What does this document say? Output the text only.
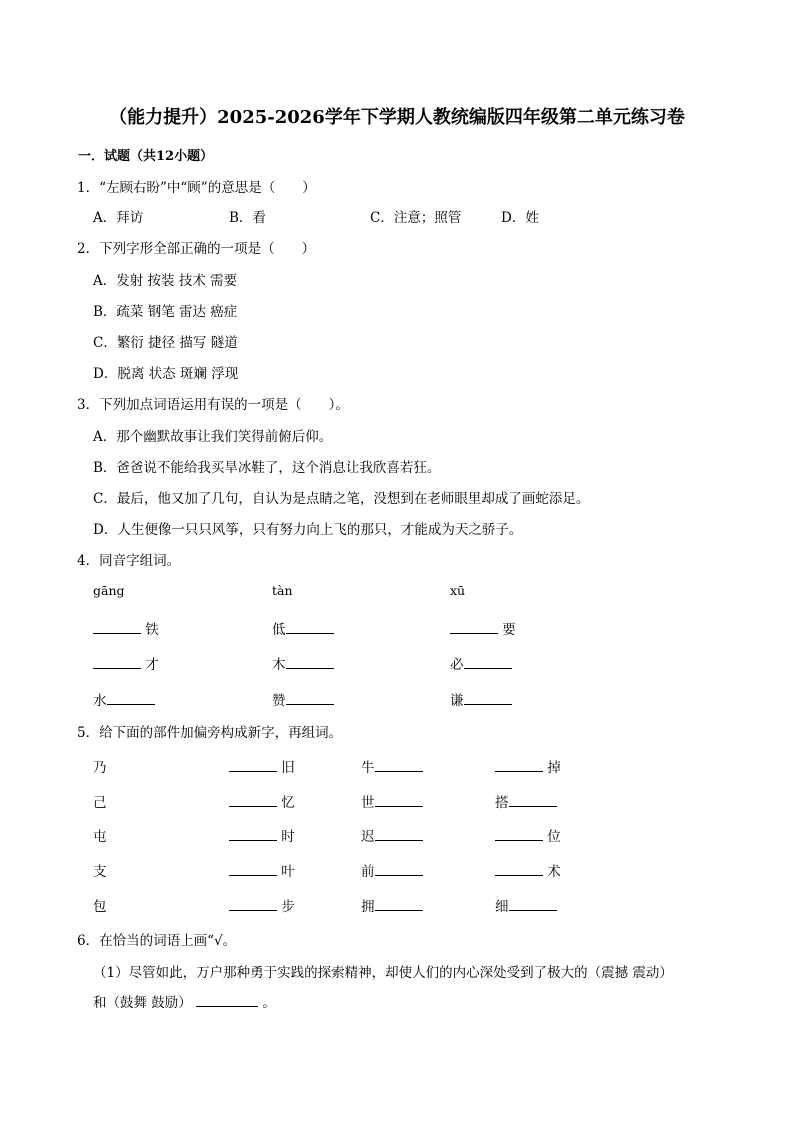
（能力提升）2025-2026学年下学期人教统编版四年级第二单元练习卷
一．试题（共12小题）
1．“左顾右盼”中“顾”的意思是（　　）
A．拜访	B．看	C．注意；照管	D．姓
2．下列字形全部正确的一项是（　　）
A．发射 按装 技术 需要
B．疏菜 钢笔 雷达 癌症
C．繁衍 捷径 描写 隧道
D．脱离 状态 斑斓 浮现
3．下列加点词语运用有误的一项是（　　）。
A．那个幽默故事让我们笑得前俯后仰。
B．爸爸说不能给我买旱冰鞋了，这个消息让我欣喜若狂。
C．最后，他又加了几句，自认为是点睛之笔，没想到在老师眼里却成了画蛇添足。
D．人生便像一只只风筝，只有努力向上飞的那只，才能成为天之骄子。
4．同音字组词。
gāng	tàn	xū
铁	低	要
才	木	必
水	赞	谦
5．给下面的部件加偏旁构成新字，再组词。
乃	旧	牛	掉
己	忆	世	搭
屯	时	迟	位
支	叶	前	术
包	步	拥	细
6．在恰当的词语上画“√。
（1）尽管如此，万户那种勇于实践的探索精神，却使人们的内心深处受到了极大的（震撼 震动）
和（鼓舞 鼓励）	。
